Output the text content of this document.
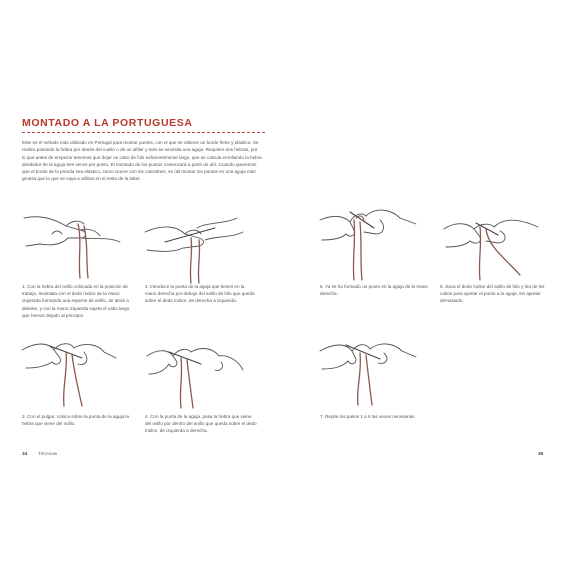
MONTADO A LA PORTUGUESA
Este es el método más utilizado en Portugal para montar puntos, con el que se obtiene un borde firme y elástico. Se realiza pasando la hebra por detrás del cuello o de un alfiler y solo se necesita una aguja. Requiere dos hebras, por lo que antes de empezar tenemos que dejar un cabo de hilo suficientemente largo, que se calcula enrollando la hebra alrededor de la aguja tres veces por punto. El montado de los puntos comenzará a partir de ahí. Cuando queremos que el borde de la prenda sea elástico, como ocurre con los calcetines, es útil montar los puntos en una aguja más gruesa que la que se vaya a utilizar en el resto de la labor.
1. Con la hebra del ovillo colocada en la posición de trabajo, levántala con el dedo índice de la mano izquierda formando una especie de anillo, de atrás a delante, y con la mano izquierda sujeta el cabo largo que hemos dejado al principio.
2. Introduce la punta de la aguja que tienes en la mano derecha por debajo del anillo de hilo que queda sobre el dedo índice, de derecha a izquierda.
5. Ya se ha formado un punto en la aguja de la mano derecha.
6. Saca el dedo índice del anillo de hilo y tira de los cabos para ajustar el punto a la aguja, sin apretar demasiado.
3. Con el pulgar, coloca sobre la punta de la aguja la hebra que viene del ovillo.
4. Con la punta de la aguja, pasa la hebra que viene del ovillo por dentro del anillo que queda sobre el dedo índice, de izquierda a derecha.
7. Repite los pasos 1 a 6 las veces necesarias.
34 Técnicas	35
